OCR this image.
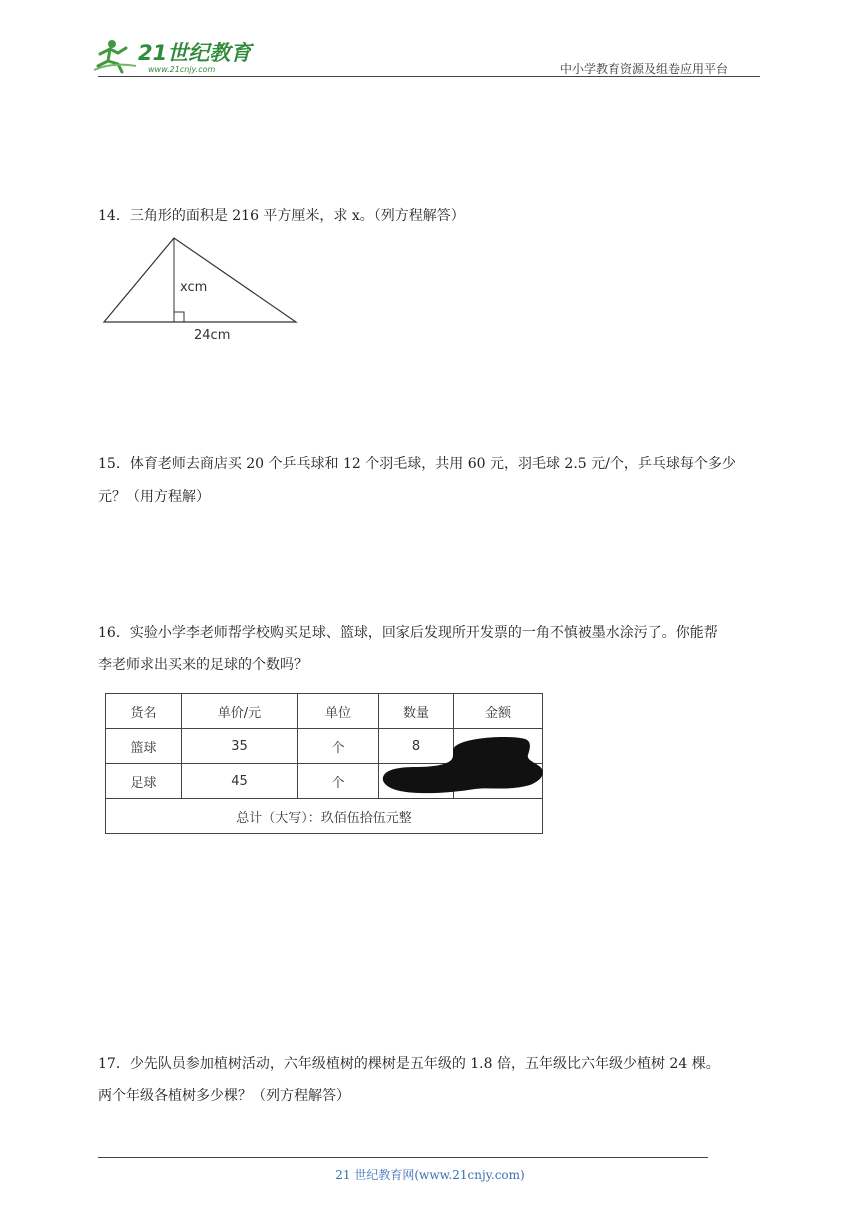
21世纪教育
www.21cnjy.com	中小学教育资源及组卷应用平台
14．三角形的面积是 216 平方厘米，求 x。（列方程解答）
xcm
24cm
15．体育老师去商店买 20 个乒乓球和 12 个羽毛球，共用 60 元，羽毛球 2.5 元/个，乒乓球每个多少
元？（用方程解）
16．实验小学李老师帮学校购买足球、篮球，回家后发现所开发票的一角不慎被墨水涂污了。你能帮
李老师求出买来的足球的个数吗？
货名	单价/元	单位	数量	金额
篮球	35	个	8	
足球	45	个		
总计（大写）：玖佰伍拾伍元整				
17．少先队员参加植树活动，六年级植树的棵树是五年级的 1.8 倍，五年级比六年级少植树 24 棵。
两个年级各植树多少棵？（列方程解答）
21 世纪教育网(www.21cnjy.com)
